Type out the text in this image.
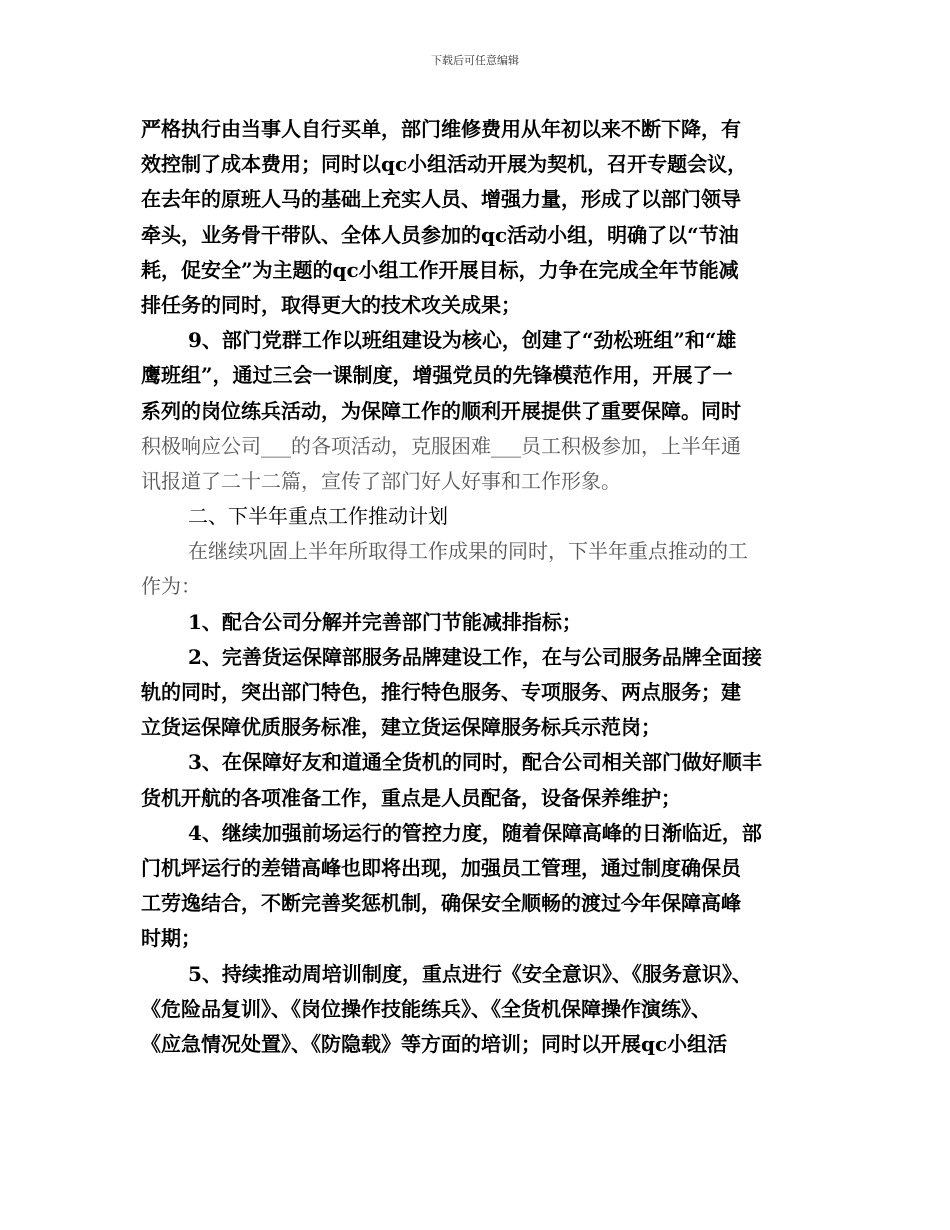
下载后可任意编辑
严格执行由当事人自行买单，部门维修费用从年初以来不断下降，有
效控制了成本费用；同时以qc小组活动开展为契机，召开专题会议，
在去年的原班人马的基础上充实人员、增强力量，形成了以部门领导
牵头，业务骨干带队、全体人员参加的qc活动小组，明确了以“节油
耗，促安全”为主题的qc小组工作开展目标，力争在完成全年节能减
排任务的同时，取得更大的技术攻关成果；
9、部门党群工作以班组建设为核心，创建了“劲松班组”和“雄
鹰班组”，通过三会一课制度，增强党员的先锋模范作用，开展了一
系列的岗位练兵活动，为保障工作的顺利开展提供了重要保障。同时
积极响应公司___的各项活动，克服困难___员工积极参加，上半年通
讯报道了二十二篇，宣传了部门好人好事和工作形象。
二、下半年重点工作推动计划
在继续巩固上半年所取得工作成果的同时，下半年重点推动的工
作为：
1、配合公司分解并完善部门节能减排指标；
2、完善货运保障部服务品牌建设工作，在与公司服务品牌全面接
轨的同时，突出部门特色，推行特色服务、专项服务、两点服务；建
立货运保障优质服务标准，建立货运保障服务标兵示范岗；
3、在保障好友和道通全货机的同时，配合公司相关部门做好顺丰
货机开航的各项准备工作，重点是人员配备，设备保养维护；
4、继续加强前场运行的管控力度，随着保障高峰的日渐临近，部
门机坪运行的差错高峰也即将出现，加强员工管理，通过制度确保员
工劳逸结合，不断完善奖惩机制，确保安全顺畅的渡过今年保障高峰
时期；
5、持续推动周培训制度，重点进行《安全意识》、《服务意识》、
《危险品复训》、《岗位操作技能练兵》、《全货机保障操作演练》、
《应急情况处置》、《防隐载》等方面的培训；同时以开展qc小组活
